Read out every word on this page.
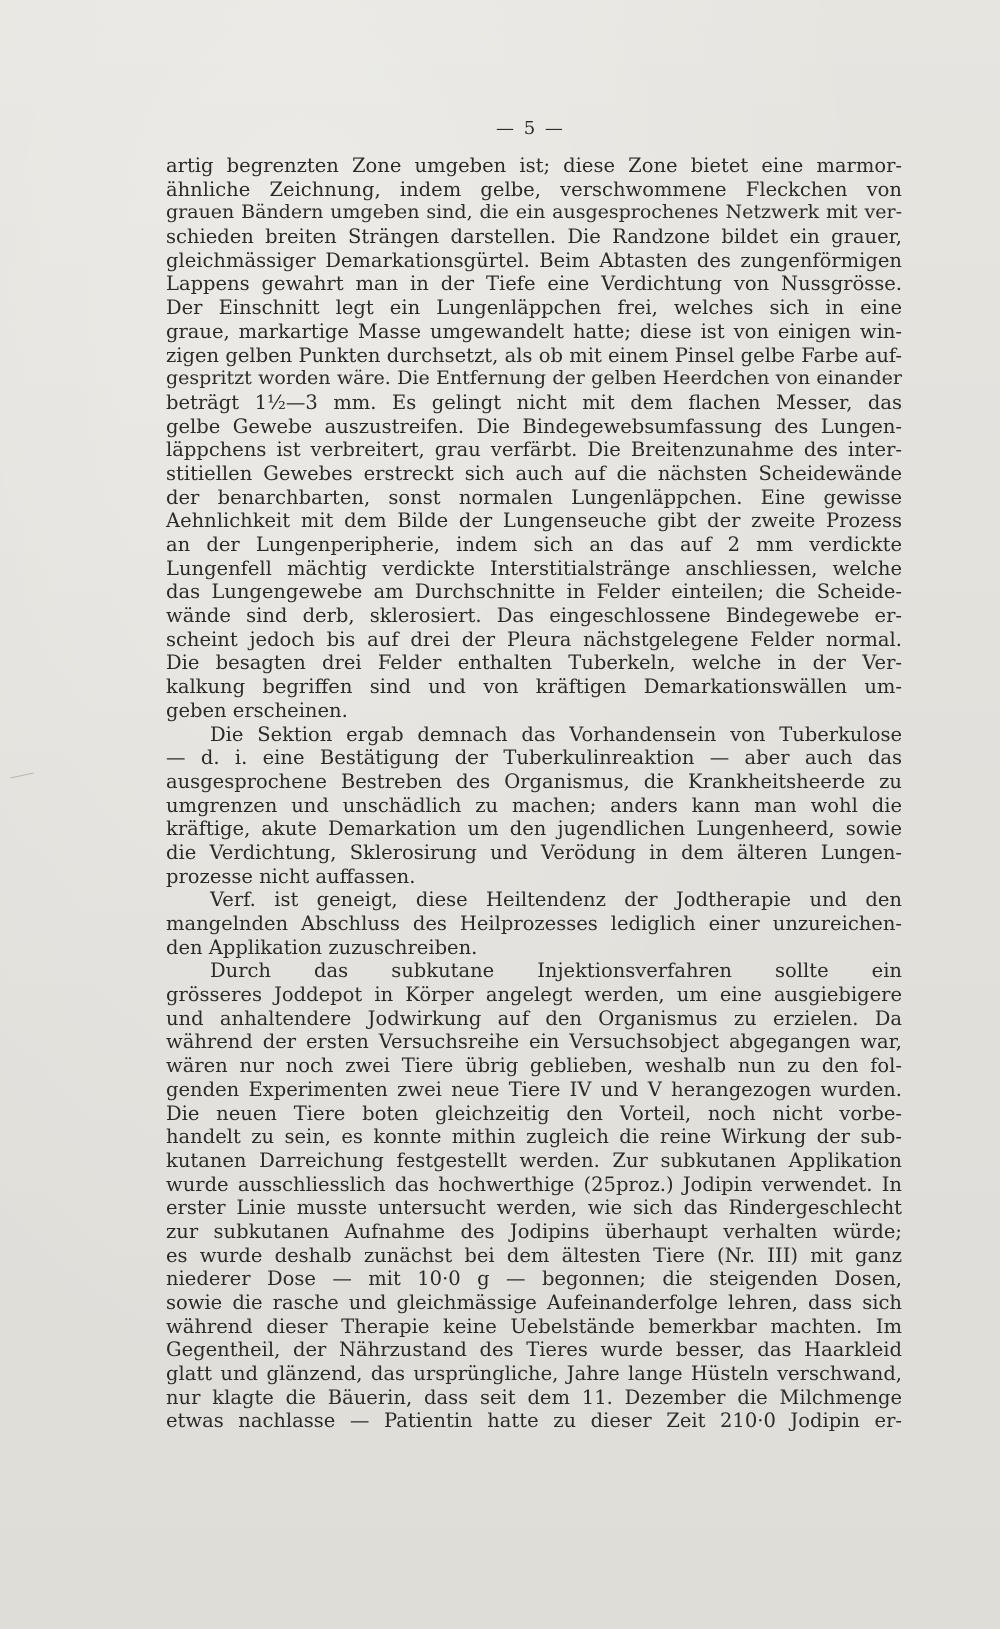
— 5 —
artig begrenzten Zone umgeben ist; diese Zone bietet eine marmor-
ähnliche Zeichnung, indem gelbe, verschwommene Fleckchen von
grauen Bändern umgeben sind, die ein ausgesprochenes Netzwerk mit ver-
schieden breiten Strängen darstellen. Die Randzone bildet ein grauer,
gleichmässiger Demarkationsgürtel. Beim Abtasten des zungenförmigen
Lappens gewahrt man in der Tiefe eine Verdichtung von Nussgrösse.
Der Einschnitt legt ein Lungenläppchen frei, welches sich in eine
graue, markartige Masse umgewandelt hatte; diese ist von einigen win-
zigen gelben Punkten durchsetzt, als ob mit einem Pinsel gelbe Farbe auf-
gespritzt worden wäre. Die Entfernung der gelben Heerdchen von einander
beträgt 1½—3 mm. Es gelingt nicht mit dem flachen Messer, das
gelbe Gewebe auszustreifen. Die Bindegewebsumfassung des Lungen-
läppchens ist verbreitert, grau verfärbt. Die Breitenzunahme des inter-
stitiellen Gewebes erstreckt sich auch auf die nächsten Scheidewände
der benarchbarten, sonst normalen Lungenläppchen. Eine gewisse
Aehnlichkeit mit dem Bilde der Lungenseuche gibt der zweite Prozess
an der Lungenperipherie, indem sich an das auf 2 mm verdickte
Lungenfell mächtig verdickte Interstitialstränge anschliessen, welche
das Lungengewebe am Durchschnitte in Felder einteilen; die Scheide-
wände sind derb, sklerosiert. Das eingeschlossene Bindegewebe er-
scheint jedoch bis auf drei der Pleura nächstgelegene Felder normal.
Die besagten drei Felder enthalten Tuberkeln, welche in der Ver-
kalkung begriffen sind und von kräftigen Demarkationswällen um-
geben erscheinen.
Die Sektion ergab demnach das Vorhandensein von Tuberkulose
— d. i. eine Bestätigung der Tuberkulinreaktion — aber auch das
ausgesprochene Bestreben des Organismus, die Krankheitsheerde zu
umgrenzen und unschädlich zu machen; anders kann man wohl die
kräftige, akute Demarkation um den jugendlichen Lungenheerd, sowie
die Verdichtung, Sklerosirung und Verödung in dem älteren Lungen-
prozesse nicht auffassen.
Verf. ist geneigt, diese Heiltendenz der Jodtherapie und den
mangelnden Abschluss des Heilprozesses lediglich einer unzureichen-
den Applikation zuzuschreiben.
Durch das subkutane Injektionsverfahren sollte ein
grösseres Joddepot in Körper angelegt werden, um eine ausgiebigere
und anhaltendere Jodwirkung auf den Organismus zu erzielen. Da
während der ersten Versuchsreihe ein Versuchsobject abgegangen war,
wären nur noch zwei Tiere übrig geblieben, weshalb nun zu den fol-
genden Experimenten zwei neue Tiere IV und V herangezogen wurden.
Die neuen Tiere boten gleichzeitig den Vorteil, noch nicht vorbe-
handelt zu sein, es konnte mithin zugleich die reine Wirkung der sub-
kutanen Darreichung festgestellt werden. Zur subkutanen Applikation
wurde ausschliesslich das hochwerthige (25proz.) Jodipin verwendet. In
erster Linie musste untersucht werden, wie sich das Rindergeschlecht
zur subkutanen Aufnahme des Jodipins überhaupt verhalten würde;
es wurde deshalb zunächst bei dem ältesten Tiere (Nr. III) mit ganz
niederer Dose — mit 10·0 g — begonnen; die steigenden Dosen,
sowie die rasche und gleichmässige Aufeinanderfolge lehren, dass sich
während dieser Therapie keine Uebelstände bemerkbar machten. Im
Gegentheil, der Nährzustand des Tieres wurde besser, das Haarkleid
glatt und glänzend, das ursprüngliche, Jahre lange Hüsteln verschwand,
nur klagte die Bäuerin, dass seit dem 11. Dezember die Milchmenge
etwas nachlasse — Patientin hatte zu dieser Zeit 210·0 Jodipin er-
